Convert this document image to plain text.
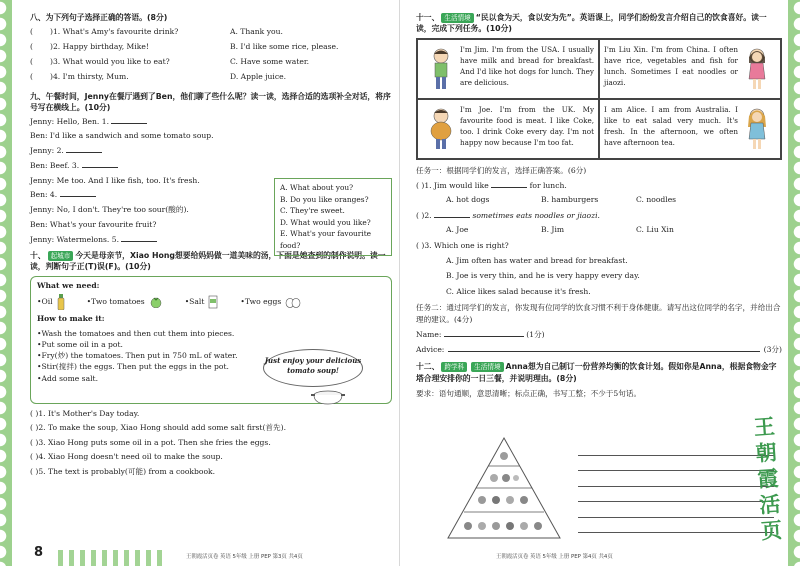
八、为下列句子选择正确的答语。(8分)
( )1. What's Amy's favourite drink?	A. Thank you.
( )2. Happy birthday, Mike!	B. I'd like some rice, please.
( )3. What would you like to eat?	C. Have some water.
( )4. I'm thirsty, Mum.	D. Apple juice.
九、午餐时间，Jenny在餐厅遇到了Ben，他们聊了些什么呢？读一读，选择合适的选项补全对话，将序号写在横线上。(10分)

Jenny: Hello, Ben. 1.

Ben: I'd like a sandwich and some tomato soup.

Jenny: 2.

Ben: Beef. 3.

Jenny: Me too. And I like fish, too. It's fresh.

Ben: 4.

Jenny: No, I don't. They're too sour(酸的).

Ben: What's your favourite fruit?

Jenny: Watermelons. 5.

A. What about you?
B. Do you like oranges?
C. They're sweet.
D. What would you like?
E. What's your favourite food?
十、 起城市 今天是母亲节，Xiao Hong想要给妈妈做一道美味的汤，下面是她查到的制作说明。读一读，判断句子正(T)误(F)。(10分)
What we need:
•Oil	•Two tomatoes	•Salt	•Two eggs
How to make it:

•Wash the tomatoes and then cut them into pieces.

•Put some oil in a pot.

•Fry(炒) the tomatoes. Then put in 750 mL of water.

•Stir(搅拌) the eggs. Then put the eggs in the pot.

•Add some salt.

Just enjoy your delicious tomato soup!
( )1. It's Mother's Day today.
( )2. To make the soup, Xiao Hong should add some salt first(首先).
( )3. Xiao Hong puts some oil in a pot. Then she fries the eggs.
( )4. Xiao Hong doesn't need oil to make the soup.
( )5. The text is probably(可能) from a cookbook.
8	王朝霞活页卷 英语 5年级 上册 PEP 第3页 共4页
十一、 生活情境 “民以食为天，食以安为先”。英语课上，同学们纷纷发言介绍自己的饮食喜好。读一读，完成下列任务。(10分)
I'm Jim. I'm from the USA. I usually have milk and bread for breakfast. And I'd like hot dogs for lunch. They are delicious.
I'm Liu Xin. I'm from China. I often have rice, vegetables and fish for lunch. Sometimes I eat noodles or jiaozi.
I'm Joe. I'm from the UK. My favourite food is meat. I like Coke, too. I drink Coke every day. I'm not happy now because I'm too fat.
I am Alice. I am from Australia. I like to eat salad very much. It's fresh. In the afternoon, we often have afternoon tea.
任务一：根据同学们的发言，选择正确答案。(6分)
( )1. Jim would like	for lunch.
A. hot dogs	B. hamburgers	C. noodles
( )2.	sometimes eats noodles or jiaozi.
A. Joe	B. Jim	C. Liu Xin
( )3. Which one is right?
A. Jim often has water and bread for breakfast.
B. Joe is very thin, and he is very happy every day.
C. Alice likes salad because it's fresh.
任务二：通过同学们的发言，你发现有位同学的饮食习惯不利于身体健康。请写出这位同学的名字，并给出合理的建议。(4分)
Name:	(1分)
Advice:	(3分)
十二、 跨学科 生活情境 Anna想为自己制订一份营养均衡的饮食计划。假如你是Anna，根据食物金字塔合理安排你的一日三餐，并说明理由。(8分)
要求：语句通顺，意思清晰；标点正确，书写工整；不少于5句话。
王朝霞活页
王朝霞活页卷 英语 5年级 上册 PEP 第4页 共4页
